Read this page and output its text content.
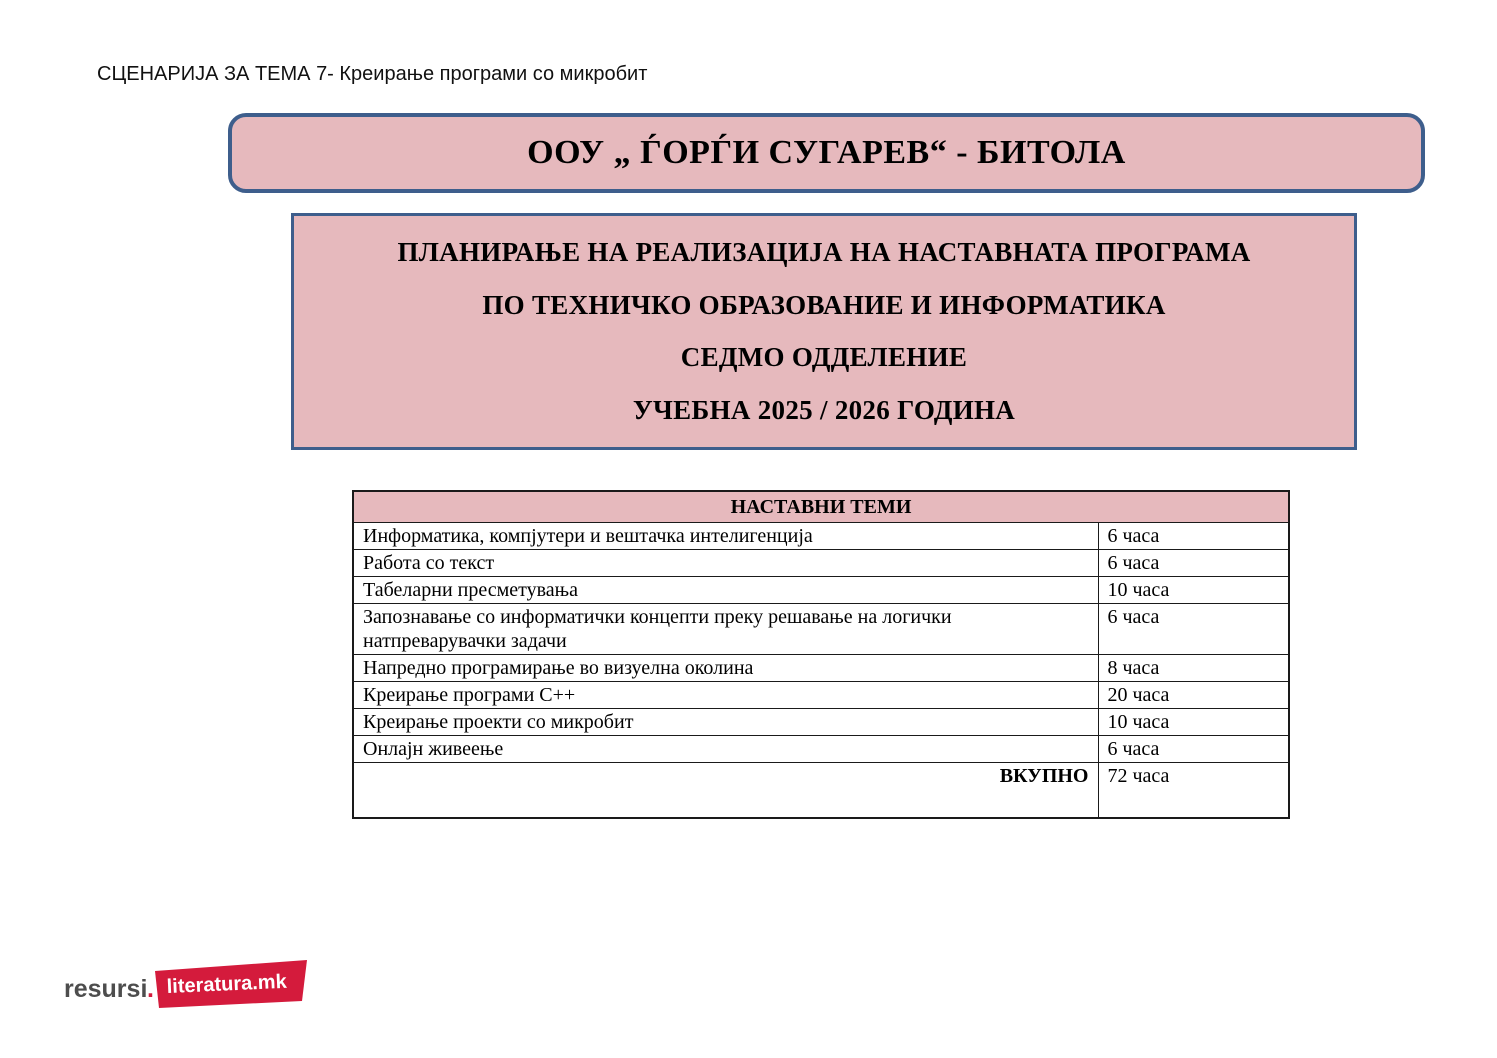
СЦЕНАРИЈА ЗА ТЕМА 7- Креирање програми со микробит
ООУ „ ЃОРЃИ СУГАРЕВ“ - БИТОЛА
ПЛАНИРАЊЕ НА РЕАЛИЗАЦИЈА НА НАСТАВНАТА ПРОГРАМА
ПО ТЕХНИЧКО ОБРАЗОВАНИЕ И ИНФОРМАТИКА
СЕДМО ОДДЕЛЕНИЕ
УЧЕБНА 2025 / 2026 ГОДИНА
НАСТАВНИ ТЕМИ	
Информатика, компјутери и вештачка интелигенција	6 часа
Работа со текст	6 часа
Табеларни пресметувања	10 часа
Запознавање со информатички концепти преку решавање на логички натпреварувачки задачи	6 часа
Напредно програмирање во визуелна околина	8 часа
Креирање програми C++	20 часа
Креирање проекти со микробит	10 часа
Онлајн живеење	6 часа
ВКУПНО	72 часа
resursi . literatura.mk
